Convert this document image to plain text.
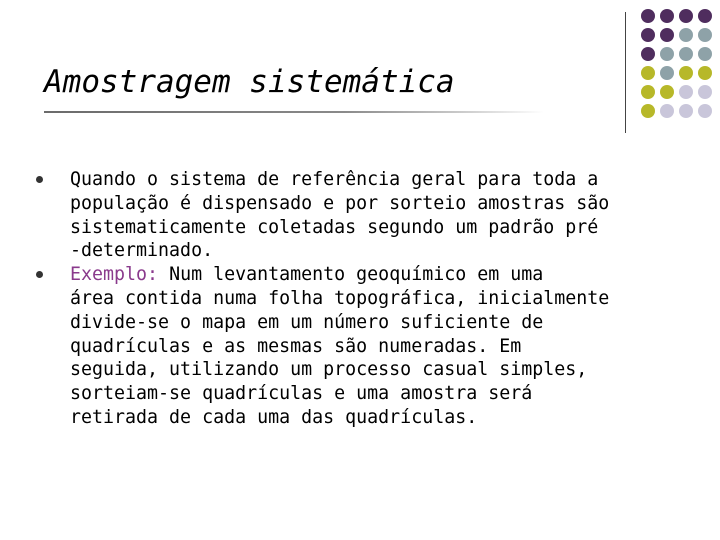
Amostragem sistemática
Quando o sistema de referência geral para toda a
população é dispensado e por sorteio amostras são
sistematicamente coletadas segundo um padrão pré
-determinado.
Exemplo: Num levantamento geoquímico em uma
área contida numa folha topográfica, inicialmente
divide-se o mapa em um número suficiente de
quadrículas e as mesmas são numeradas. Em
seguida, utilizando um processo casual simples,
sorteiam-se quadrículas e uma amostra será
retirada de cada uma das quadrículas.
